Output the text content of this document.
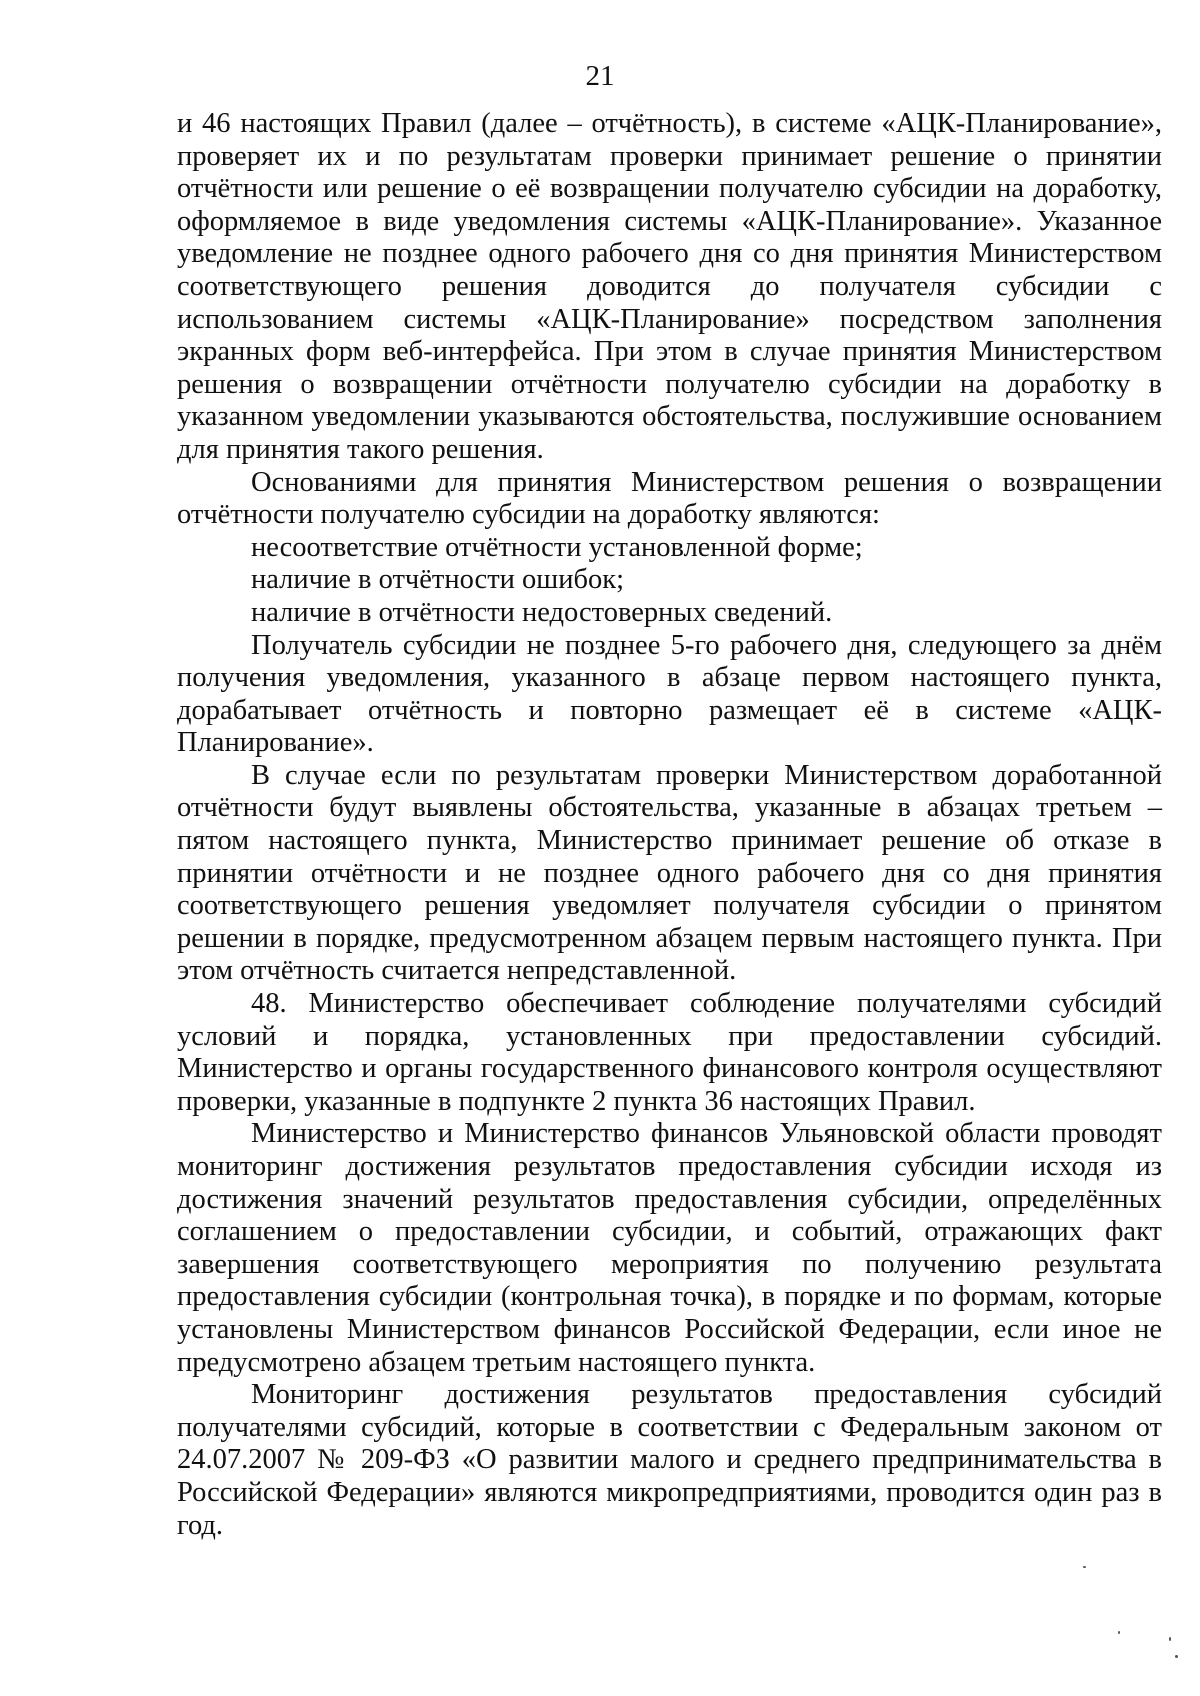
21

и 46 настоящих Правил (далее – отчётность), в системе «АЦК-Планирование», проверяет их и по результатам проверки принимает решение о принятии отчётности или решение о её возвращении получателю субсидии на доработку, оформляемое в виде уведомления системы «АЦК-Планирование». Указанное уведомление не позднее одного рабочего дня со дня принятия Министерством соответствующего решения доводится до получателя субсидии с использованием системы «АЦК-Планирование» посредством заполнения экранных форм веб-интерфейса. При этом в случае принятия Министерством решения о возвращении отчётности получателю субсидии на доработку в указанном уведомлении указываются обстоятельства, послужившие основанием для принятия такого решения.

Основаниями для принятия Министерством решения о возвращении отчётности получателю субсидии на доработку являются:

несоответствие отчётности установленной форме;

наличие в отчётности ошибок;

наличие в отчётности недостоверных сведений.

Получатель субсидии не позднее 5-го рабочего дня, следующего за днём получения уведомления, указанного в абзаце первом настоящего пункта, дорабатывает отчётность и повторно размещает её в системе «АЦК-Планирование».

В случае если по результатам проверки Министерством доработанной отчётности будут выявлены обстоятельства, указанные в абзацах третьем – пятом настоящего пункта, Министерство принимает решение об отказе в принятии отчётности и не позднее одного рабочего дня со дня принятия соответствующего решения уведомляет получателя субсидии о принятом решении в порядке, предусмотренном абзацем первым настоящего пункта. При этом отчётность считается непредставленной.

48. Министерство обеспечивает соблюдение получателями субсидий условий и порядка, установленных при предоставлении субсидий. Министерство и органы государственного финансового контроля осуществляют проверки, указанные в подпункте 2 пункта 36 настоящих Правил.

Министерство и Министерство финансов Ульяновской области проводят мониторинг достижения результатов предоставления субсидии исходя из достижения значений результатов предоставления субсидии, определённых соглашением о предоставлении субсидии, и событий, отражающих факт завершения соответствующего мероприятия по получению результата предоставления субсидии (контрольная точка), в порядке и по формам, которые установлены Министерством финансов Российской Федерации, если иное не предусмотрено абзацем третьим настоящего пункта.

Мониторинг достижения результатов предоставления субсидий получателями субсидий, которые в соответствии с Федеральным законом от 24.07.2007 № 209-ФЗ «О развитии малого и среднего предпринимательства в Российской Федерации» являются микропредприятиями, проводится один раз в год.
